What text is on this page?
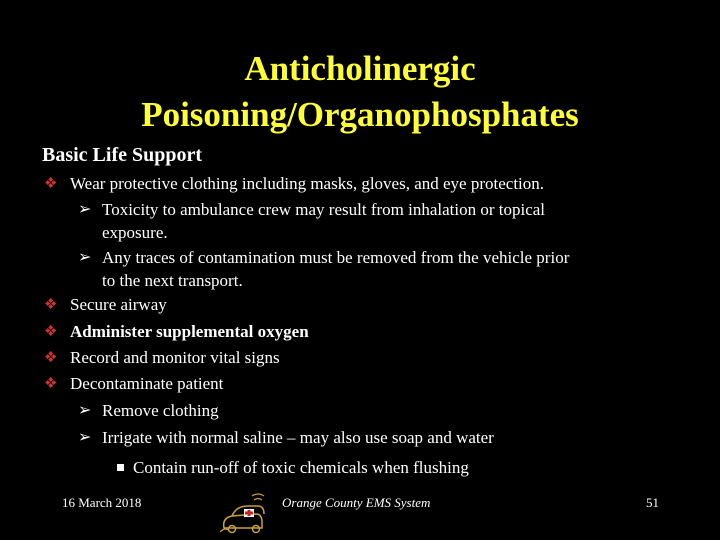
Anticholinergic
Poisoning/Organophosphates
Basic Life Support
❖ Wear protective clothing including masks, gloves, and eye protection.
➢ Toxicity to ambulance crew may result from inhalation or topical
exposure.
➢ Any traces of contamination must be removed from the vehicle prior
to the next transport.
❖ Secure airway
❖ Administer supplemental oxygen
❖ Record and monitor vital signs
❖ Decontaminate patient
➢ Remove clothing
➢ Irrigate with normal saline – may also use soap and water
Contain run-off of toxic chemicals when flushing
16 March 2018	Orange County EMS System	51
